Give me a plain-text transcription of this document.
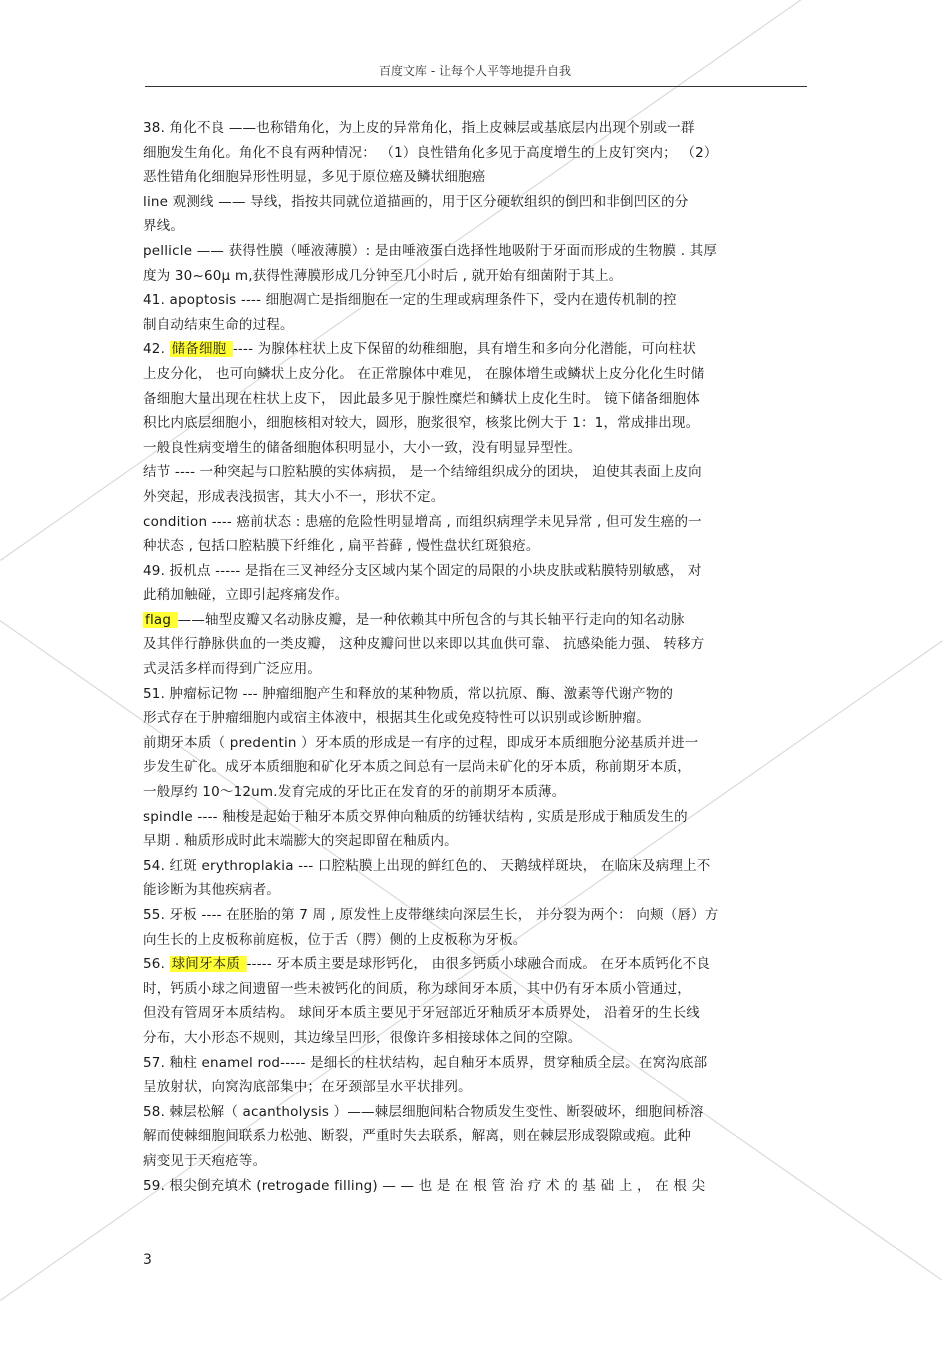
百度文库 - 让每个人平等地提升自我

38. 角化不良 ——也称错角化，为上皮的异常角化，指上皮棘层或基底层内出现个别或一群

细胞发生角化。角化不良有两种情况： （1）良性错角化多见于高度增生的上皮钉突内； （2）

恶性错角化细胞异形性明显，多见于原位癌及鳞状细胞癌

line 观测线 —— 导线，指按共同就位道描画的，用于区分硬软组织的倒凹和非倒凹区的分

界线。

pellicle —— 获得性膜（唾液薄膜）: 是由唾液蛋白选择性地吸附于牙面而形成的生物膜 . 其厚

度为 30~60μ m,获得性薄膜形成几分钟至几小时后 , 就开始有细菌附于其上。

41. apoptosis ---- 细胞凋亡是指细胞在一定的生理或病理条件下，受内在遗传机制的控

制自动结束生命的过程。

42. 储备细胞 ---- 为腺体柱状上皮下保留的幼稚细胞，具有增生和多向分化潜能，可向柱状

上皮分化， 也可向鳞状上皮分化。 在正常腺体中难见， 在腺体增生或鳞状上皮分化化生时储

备细胞大量出现在柱状上皮下， 因此最多见于腺性糜烂和鳞状上皮化生时。 镜下储备细胞体

积比内底层细胞小，细胞核相对较大，圆形，胞浆很窄，核浆比例大于 1：1，常成排出现。

一般良性病变增生的储备细胞体积明显小，大小一致，没有明显异型性。

结节 ---- 一种突起与口腔粘膜的实体病损， 是一个结缔组织成分的团块， 迫使其表面上皮向

外突起，形成表浅损害，其大小不一，形状不定。

condition ---- 癌前状态 : 患癌的危险性明显增高 , 而组织病理学未见异常 , 但可发生癌的一

种状态 , 包括口腔粘膜下纤维化 , 扁平苔藓 , 慢性盘状红斑狼疮。

49. 扳机点 ----- 是指在三叉神经分支区域内某个固定的局限的小块皮肤或粘膜特别敏感， 对

此稍加触碰，立即引起疼痛发作。

flag ——轴型皮瓣又名动脉皮瓣，是一种依赖其中所包含的与其长轴平行走向的知名动脉

及其伴行静脉供血的一类皮瓣， 这种皮瓣问世以来即以其血供可靠、 抗感染能力强、 转移方

式灵活多样而得到广泛应用。

51. 肿瘤标记物 --- 肿瘤细胞产生和释放的某种物质，常以抗原、酶、激素等代谢产物的

形式存在于肿瘤细胞内或宿主体液中，根据其生化或免疫特性可以识别或诊断肿瘤。

前期牙本质（ predentin ）牙本质的形成是一有序的过程，即成牙本质细胞分泌基质并进一

步发生矿化。成牙本质细胞和矿化牙本质之间总有一层尚未矿化的牙本质，称前期牙本质，

一般厚约 10～12um.发育完成的牙比正在发育的牙的前期牙本质薄。

spindle ---- 釉梭是起始于釉牙本质交界伸向釉质的纺锤状结构 , 实质是形成于釉质发生的

早期 . 釉质形成时此末端膨大的突起即留在釉质内。

54. 红斑 erythroplakia --- 口腔粘膜上出现的鲜红色的、 天鹅绒样斑块， 在临床及病理上不

能诊断为其他疾病者。

55. 牙板 ---- 在胚胎的第 7 周 , 原发性上皮带继续向深层生长， 并分裂为两个： 向颊（唇）方

向生长的上皮板称前庭板，位于舌（腭）侧的上皮板称为牙板。

56. 球间牙本质 ----- 牙本质主要是球形钙化， 由很多钙质小球融合而成。 在牙本质钙化不良

时，钙质小球之间遗留一些未被钙化的间质，称为球间牙本质，其中仍有牙本质小管通过，

但没有管周牙本质结构。 球间牙本质主要见于牙冠部近牙釉质牙本质界处， 沿着牙的生长线

分布，大小形态不规则，其边缘呈凹形，很像许多相接球体之间的空隙。

57. 釉柱 enamel rod----- 是细长的柱状结构，起自釉牙本质界，贯穿釉质全层。在窝沟底部

呈放射状，向窝沟底部集中；在牙颈部呈水平状排列。

58. 棘层松解（ acantholysis ）——棘层细胞间粘合物质发生变性、断裂破坏，细胞间桥溶

解而使棘细胞间联系力松弛、断裂，严重时失去联系，解离，则在棘层形成裂隙或疱。此种

病变见于天疱疮等。

59. 根尖倒充填术 (retrogade filling) — — 也 是 在 根 管 治 疗 术 的 基 础 上 ， 在 根 尖

3
